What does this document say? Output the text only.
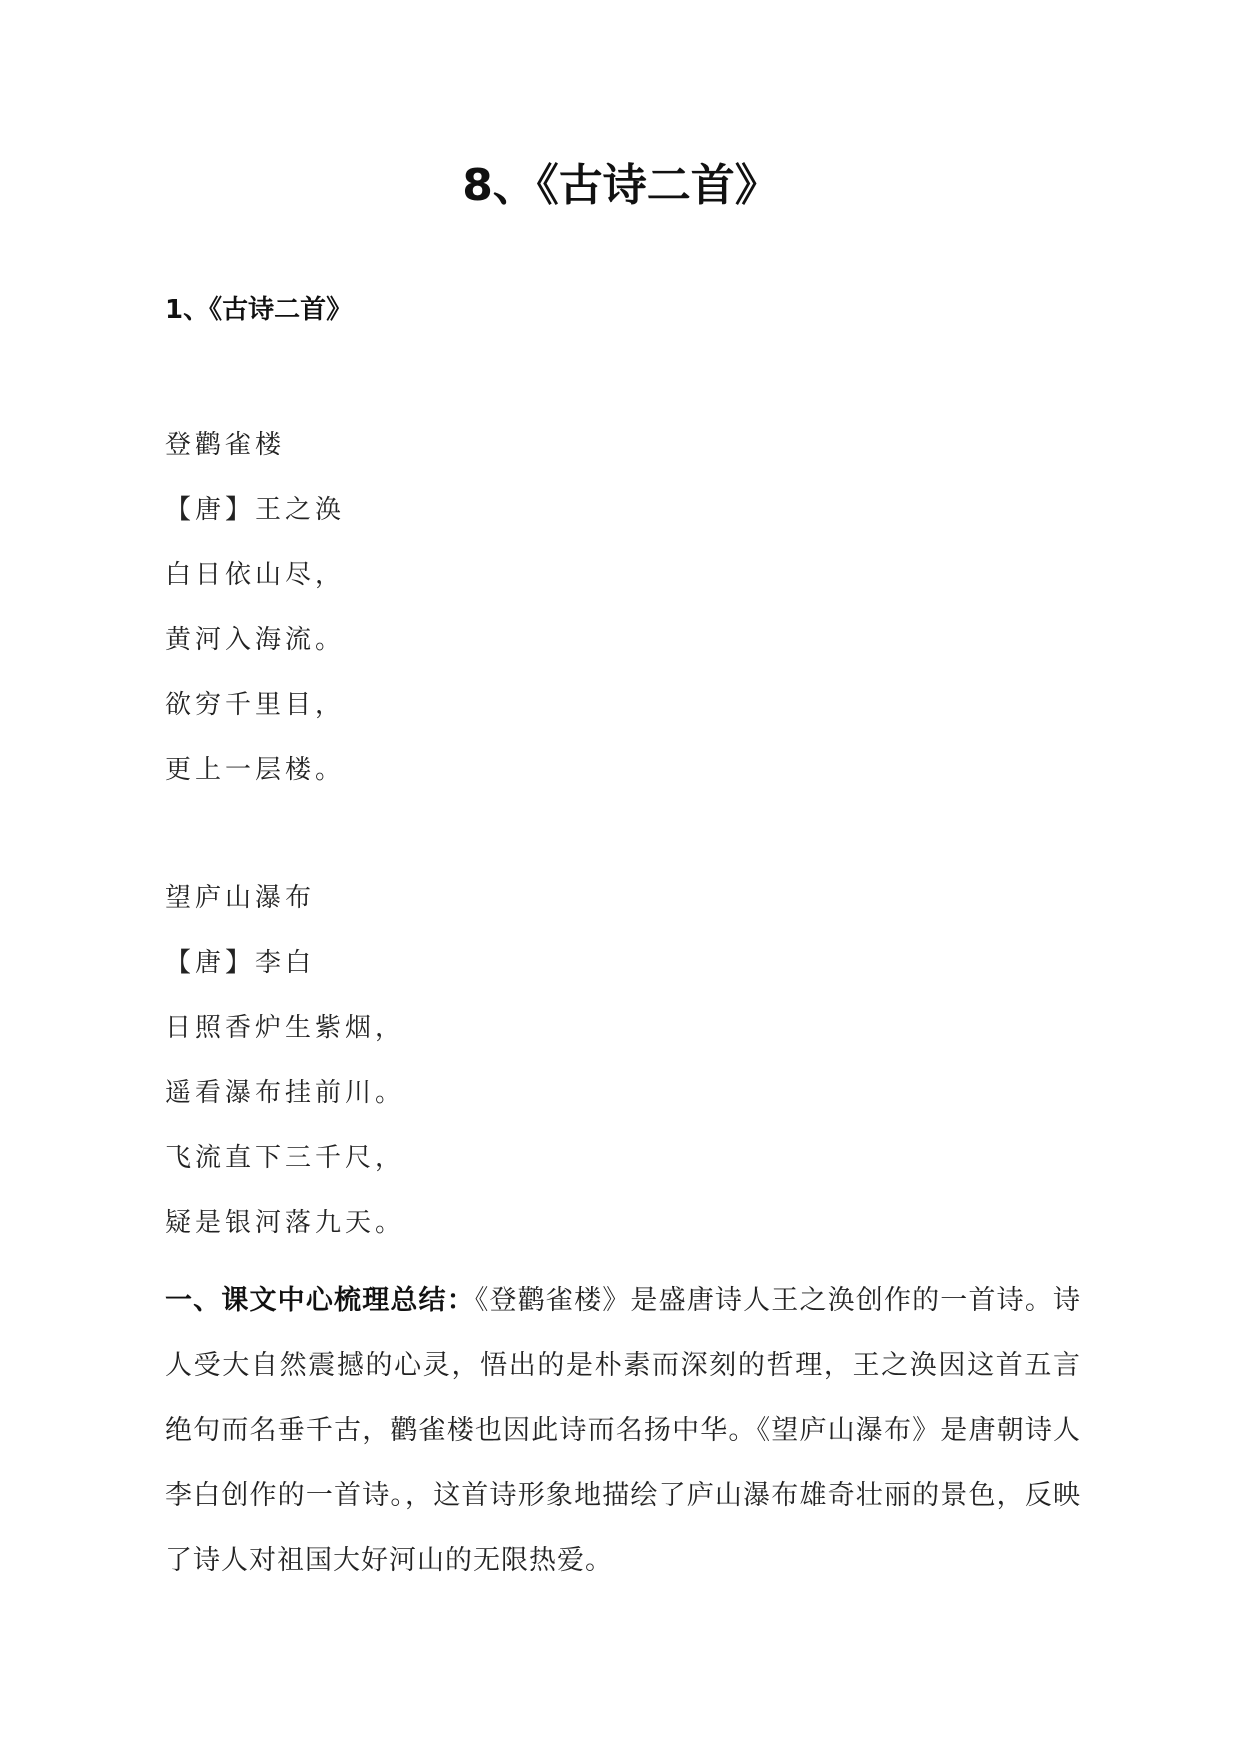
8、《古诗二首》
1、《古诗二首》
登鹳雀楼
【唐】王之涣
白日依山尽，
黄河入海流。
欲穷千里目，
更上一层楼。
望庐山瀑布
【唐】李白
日照香炉生紫烟，
遥看瀑布挂前川。
飞流直下三千尺，
疑是银河落九天。

一、课文中心梳理总结：《登鹳雀楼》是盛唐诗人王之涣创作的一首诗。诗人受大自然震撼的心灵，悟出的是朴素而深刻的哲理，王之涣因这首五言绝句而名垂千古，鹳雀楼也因此诗而名扬中华。《望庐山瀑布》是唐朝诗人李白创作的一首诗。，这首诗形象地描绘了庐山瀑布雄奇壮丽的景色，反映了诗人对祖国大好河山的无限热爱。
